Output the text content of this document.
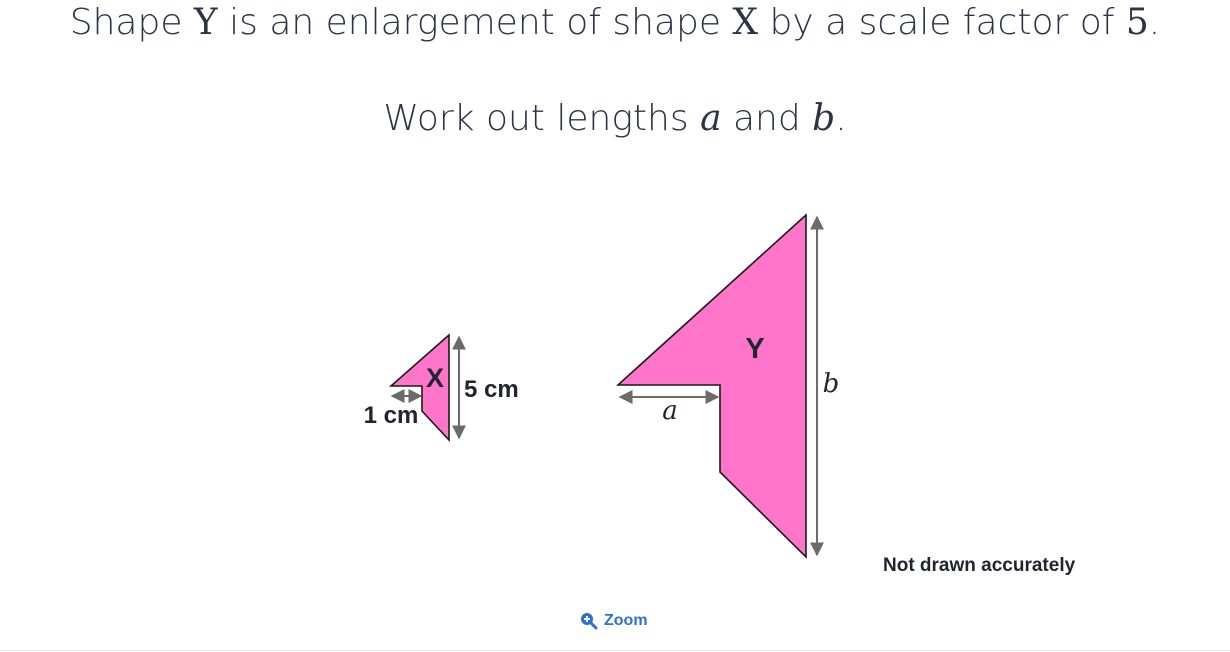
Shape Y is an enlargement of shape X by a scale factor of 5.
Work out lengths a and b.
X 5 cm
1 cm
Y
b
a
Not drawn accurately
Zoom
